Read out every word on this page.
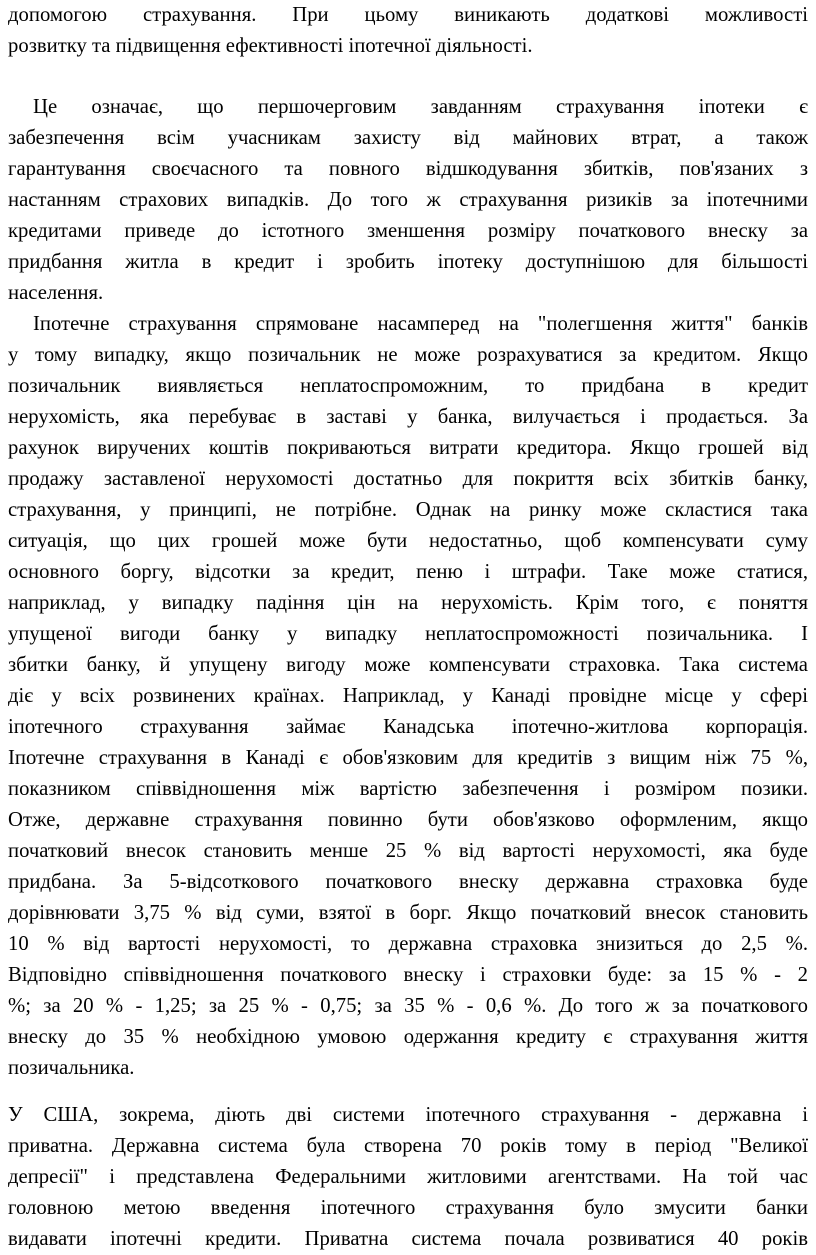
допомогою страхування. При цьому виникають додаткові можливості
розвитку та підвищення ефективності іпотечної діяльності.
Це означає, що першочерговим завданням страхування іпотеки є
забезпечення всім учасникам захисту від майнових втрат, а також
гарантування своєчасного та повного відшкодування збитків, пов'язаних з
настанням страхових випадків. До того ж страхування ризиків за іпотечними
кредитами приведе до істотного зменшення розміру початкового внеску за
придбання житла в кредит і зробить іпотеку доступнішою для більшості
населення.
Іпотечне страхування спрямоване насамперед на "полегшення життя" банків
у тому випадку, якщо позичальник не може розрахуватися за кредитом. Якщо
позичальник виявляється неплатоспроможним, то придбана в кредит
нерухомість, яка перебуває в заставі у банка, вилучається і продається. За
рахунок виручених коштів покриваються витрати кредитора. Якщо грошей від
продажу заставленої нерухомості достатньо для покриття всіх збитків банку,
страхування, у принципі, не потрібне. Однак на ринку може скластися така
ситуація, що цих грошей може бути недостатньо, щоб компенсувати суму
основного боргу, відсотки за кредит, пеню і штрафи. Таке може статися,
наприклад, у випадку падіння цін на нерухомість. Крім того, є поняття
упущеної вигоди банку у випадку неплатоспроможності позичальника. І
збитки банку, й упущену вигоду може компенсувати страховка. Така система
діє у всіх розвинених країнах. Наприклад, у Канаді провідне місце у сфері
іпотечного страхування займає Канадська іпотечно-житлова корпорація.
Іпотечне страхування в Канаді є обов'язковим для кредитів з вищим ніж 75 %,
показником співвідношення між вартістю забезпечення і розміром позики.
Отже, державне страхування повинно бути обов'язково оформленим, якщо
початковий внесок становить менше 25 % від вартості нерухомості, яка буде
придбана. За 5-відсоткового початкового внеску державна страховка буде
дорівнювати 3,75 % від суми, взятої в борг. Якщо початковий внесок становить
10 % від вартості нерухомості, то державна страховка знизиться до 2,5 %.
Відповідно співвідношення початкового внеску і страховки буде: за 15 % - 2
%; за 20 % - 1,25; за 25 % - 0,75; за 35 % - 0,6 %. До того ж за початкового
внеску до 35 % необхідною умовою одержання кредиту є страхування життя
позичальника.
У США, зокрема, діють дві системи іпотечного страхування - державна і
приватна. Державна система була створена 70 років тому в період "Великої
депресії" і представлена Федеральними житловими агентствами. На той час
головною метою введення іпотечного страхування було змусити банки
видавати іпотечні кредити. Приватна система почала розвиватися 40 років
